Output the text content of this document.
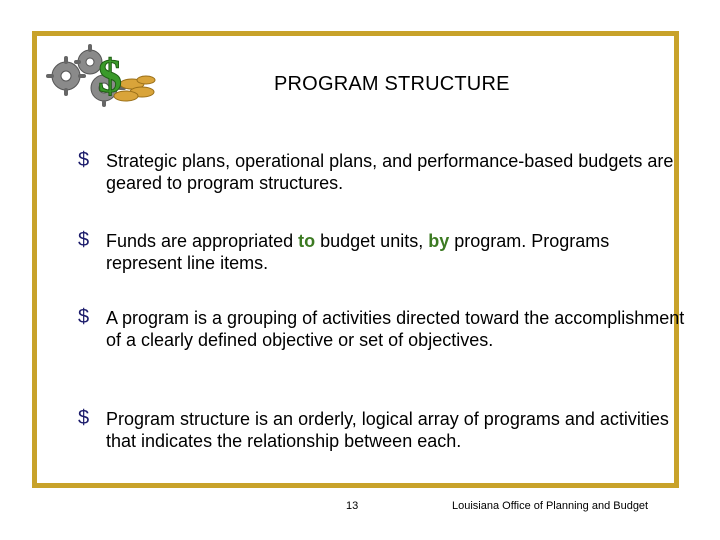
$	PROGRAM STRUCTURE
$ Strategic plans, operational plans, and performance-based budgets are geared to program structures.
$ Funds are appropriated to budget units, by program. Programs represent line items.
$ A program is a grouping of activities directed toward the accomplishment of a clearly defined objective or set of objectives.
$ Program structure is an orderly, logical array of programs and activities that indicates the relationship between each.
13	Louisiana Office of Planning and Budget
